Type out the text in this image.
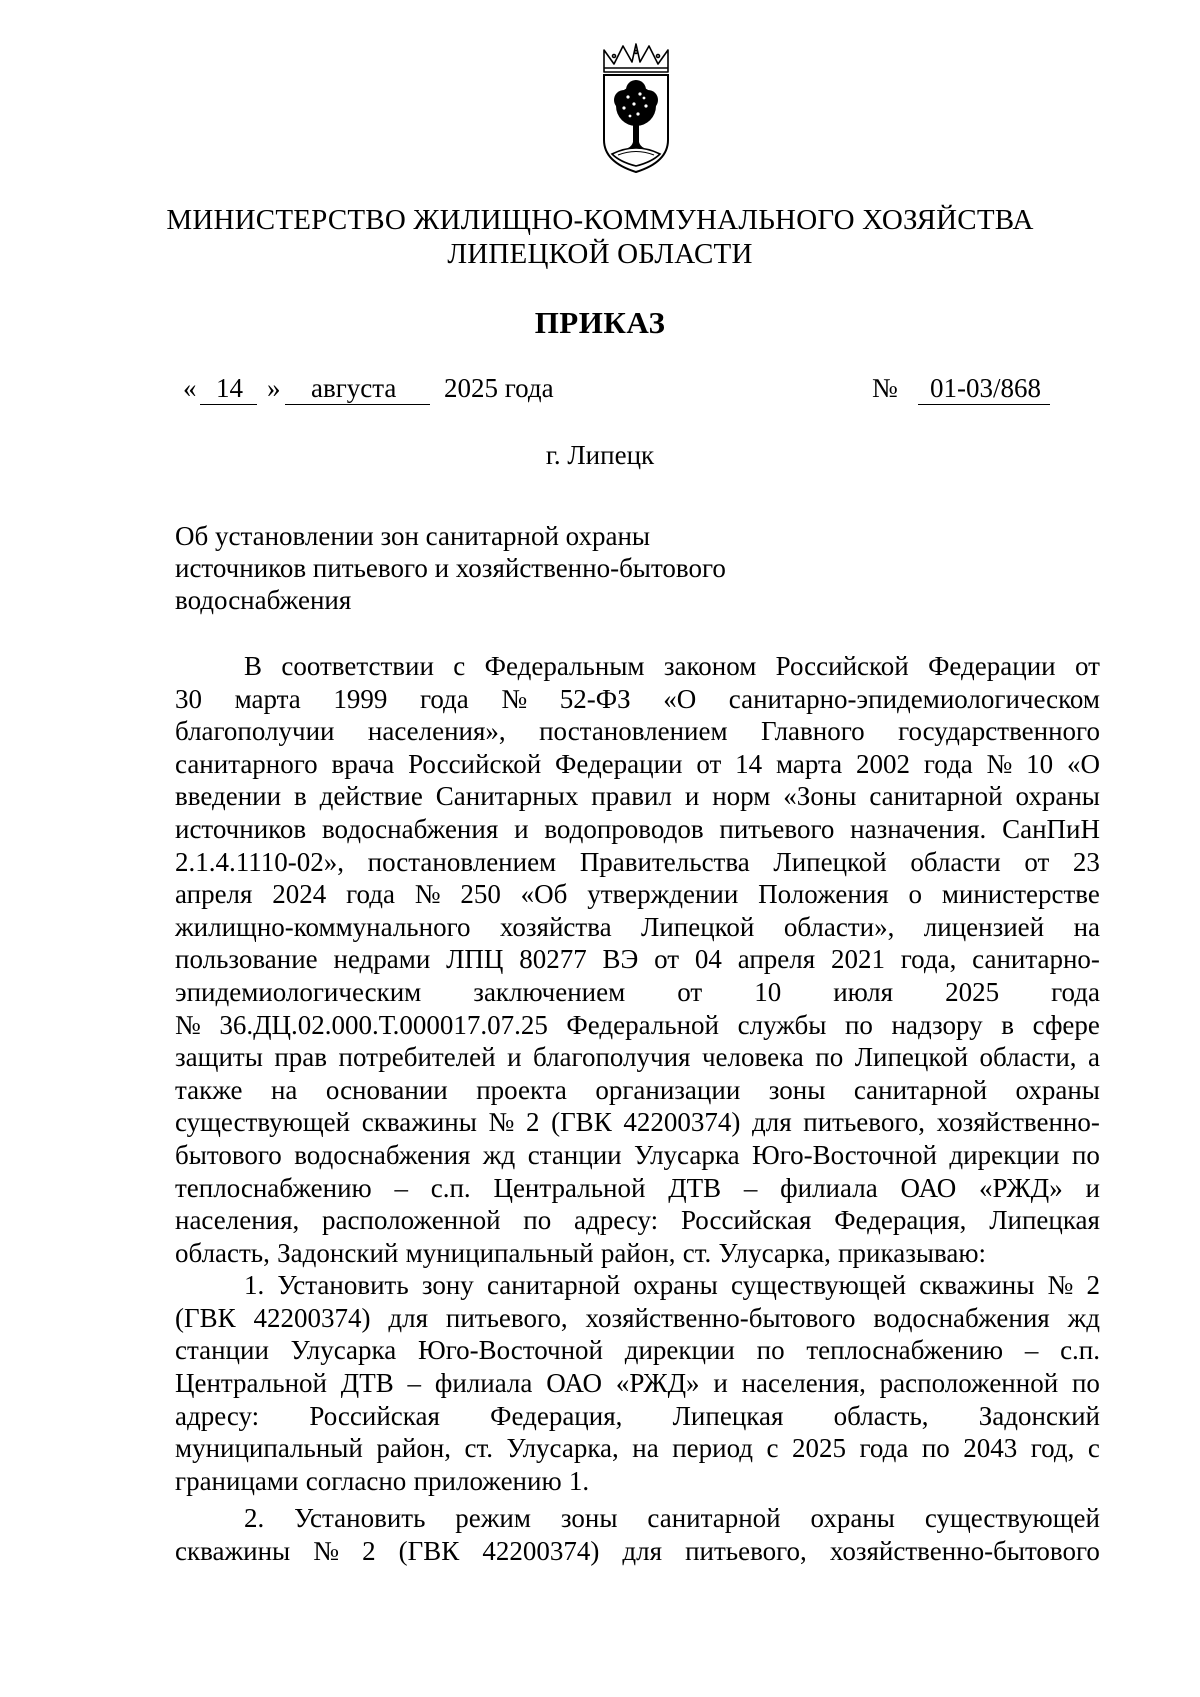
МИНИСТЕРСТВО ЖИЛИЩНО-КОММУНАЛЬНОГО ХОЗЯЙСТВА
ЛИПЕЦКОЙ ОБЛАСТИ
ПРИКАЗ
« 14 » августа 2025 года	№ 01-03/868
г. Липецк
Об установлении зон санитарной охраны
источников питьевого и хозяйственно-бытового
водоснабжения
В соответствии с Федеральным законом Российской Федерации от
30 марта 1999 года № 52-ФЗ «О санитарно-эпидемиологическом
благополучии населения», постановлением Главного государственного
санитарного врача Российской Федерации от 14 марта 2002 года № 10 «О
введении в действие Санитарных правил и норм «Зоны санитарной охраны
источников водоснабжения и водопроводов питьевого назначения. СанПиН
2.1.4.1110-02», постановлением Правительства Липецкой области от 23
апреля 2024 года № 250 «Об утверждении Положения о министерстве
жилищно-коммунального хозяйства Липецкой области», лицензией на
пользование недрами ЛПЦ 80277 ВЭ от 04 апреля 2021 года, санитарно-
эпидемиологическим заключением от 10 июля 2025 года
№ 36.ДЦ.02.000.Т.000017.07.25 Федеральной службы по надзору в сфере
защиты прав потребителей и благополучия человека по Липецкой области, а
также на основании проекта организации зоны санитарной охраны
существующей скважины № 2 (ГВК 42200374) для питьевого, хозяйственно-
бытового водоснабжения жд станции Улусарка Юго-Восточной дирекции по
теплоснабжению – с.п. Центральной ДТВ – филиала ОАО «РЖД» и
населения, расположенной по адресу: Российская Федерация, Липецкая
область, Задонский муниципальный район, ст. Улусарка, приказываю:
1. Установить зону санитарной охраны существующей скважины № 2
(ГВК 42200374) для питьевого, хозяйственно-бытового водоснабжения жд
станции Улусарка Юго-Восточной дирекции по теплоснабжению – с.п.
Центральной ДТВ – филиала ОАО «РЖД» и населения, расположенной по
адресу: Российская Федерация, Липецкая область, Задонский
муниципальный район, ст. Улусарка, на период с 2025 года по 2043 год, с
границами согласно приложению 1.
2. Установить режим зоны санитарной охраны существующей
скважины № 2 (ГВК 42200374) для питьевого, хозяйственно-бытового
